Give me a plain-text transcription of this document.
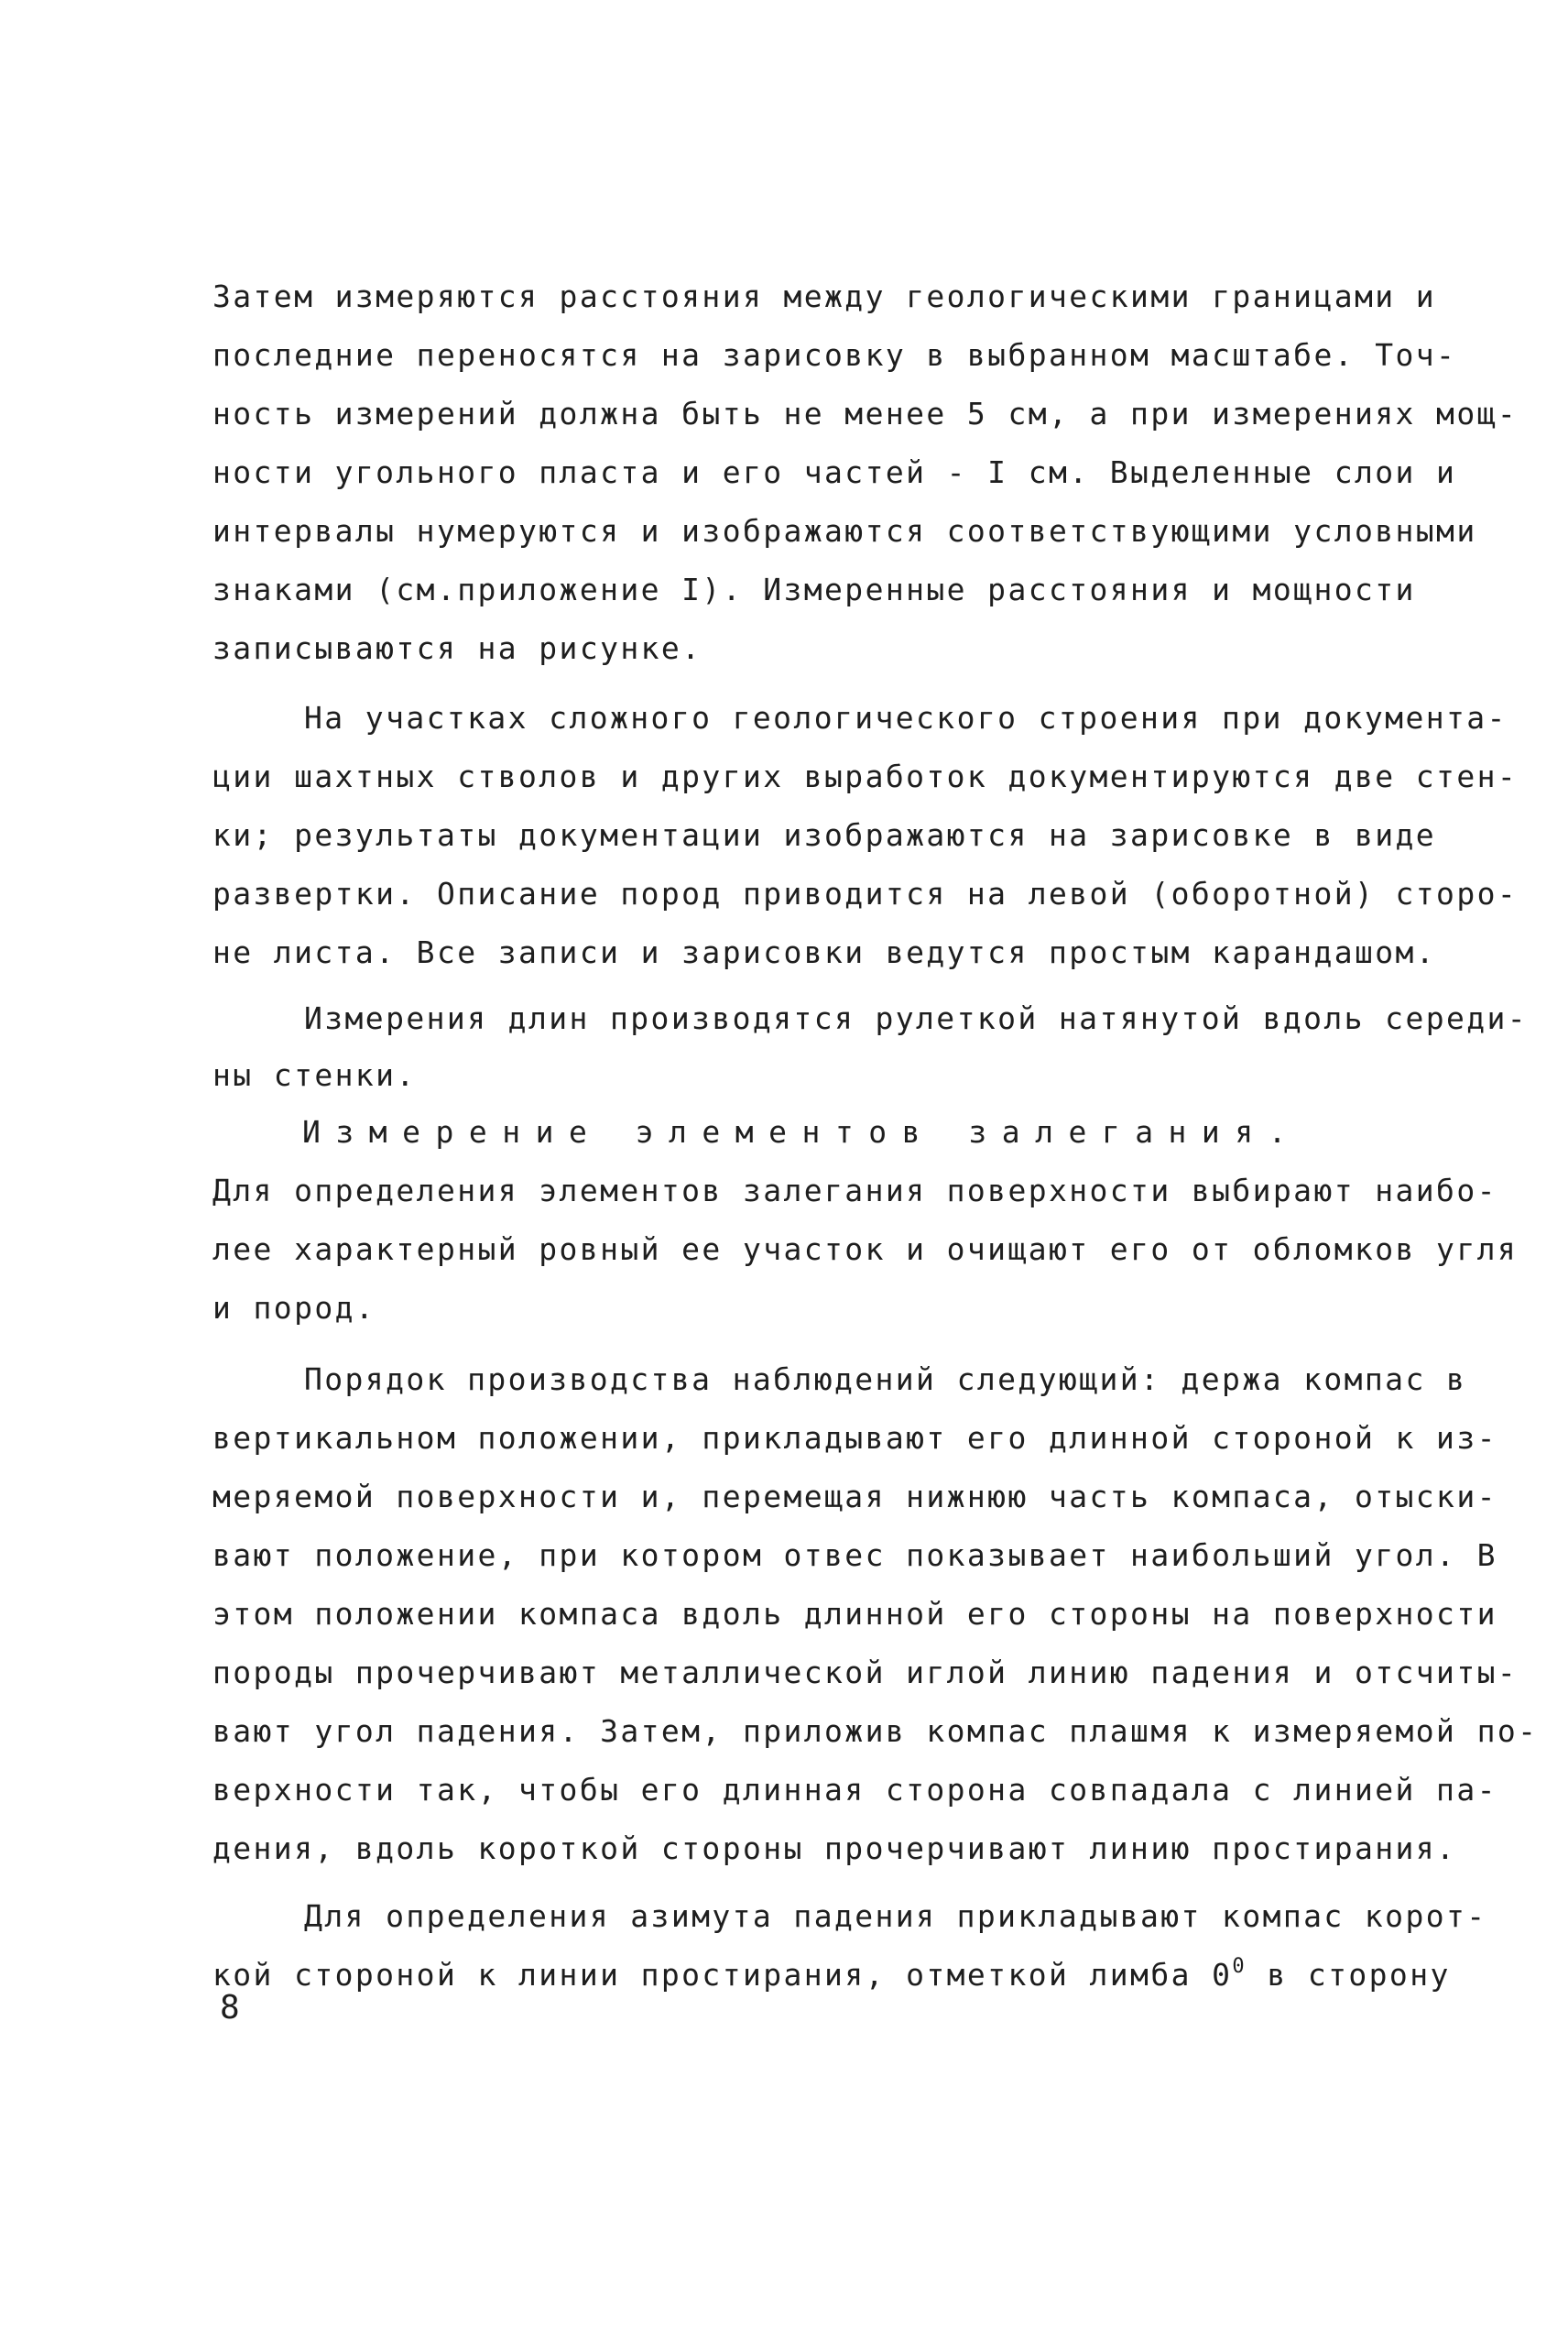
Затем измеряются расстояния между геологическими границами и
последние переносятся на зарисовку в выбранном масштабе. Точ-
ность измерений должна быть не менее 5 см, а при измерениях мощ-
ности угольного пласта и его частей - I см. Выделенные слои и
интервалы нумеруются и изображаются соответствующими условными
знаками (см.приложение I). Измеренные расстояния и мощности
записываются на рисунке.
На участках сложного геологического строения при документа-
ции шахтных стволов и других выработок документируются две стен-
ки; результаты документации изображаются на зарисовке в виде
развертки. Описание пород приводится на левой (оборотной) сторо-
не листа. Все записи и зарисовки ведутся простым карандашом.
Измерения длин производятся рулеткой натянутой вдоль середи-
ны стенки.
Измерение элементов залегания.
Для определения элементов залегания поверхности выбирают наибо-
лее характерный ровный ее участок и очищают его от обломков угля
и пород.
Порядок производства наблюдений следующий: держа компас в
вертикальном положении, прикладывают его длинной стороной к из-
меряемой поверхности и, перемещая нижнюю часть компаса, отыски-
вают положение, при котором отвес показывает наибольший угол. В
этом положении компаса вдоль длинной его стороны на поверхности
породы прочерчивают металлической иглой линию падения и отсчиты-
вают угол падения. Затем, приложив компас плашмя к измеряемой по-
верхности так, чтобы его длинная сторона совпадала с линией па-
дения, вдоль короткой стороны прочерчивают линию простирания.
Для определения азимута падения прикладывают компас корот-
кой стороной к линии простирания, отметкой лимба $0^0$ в сторону
8
